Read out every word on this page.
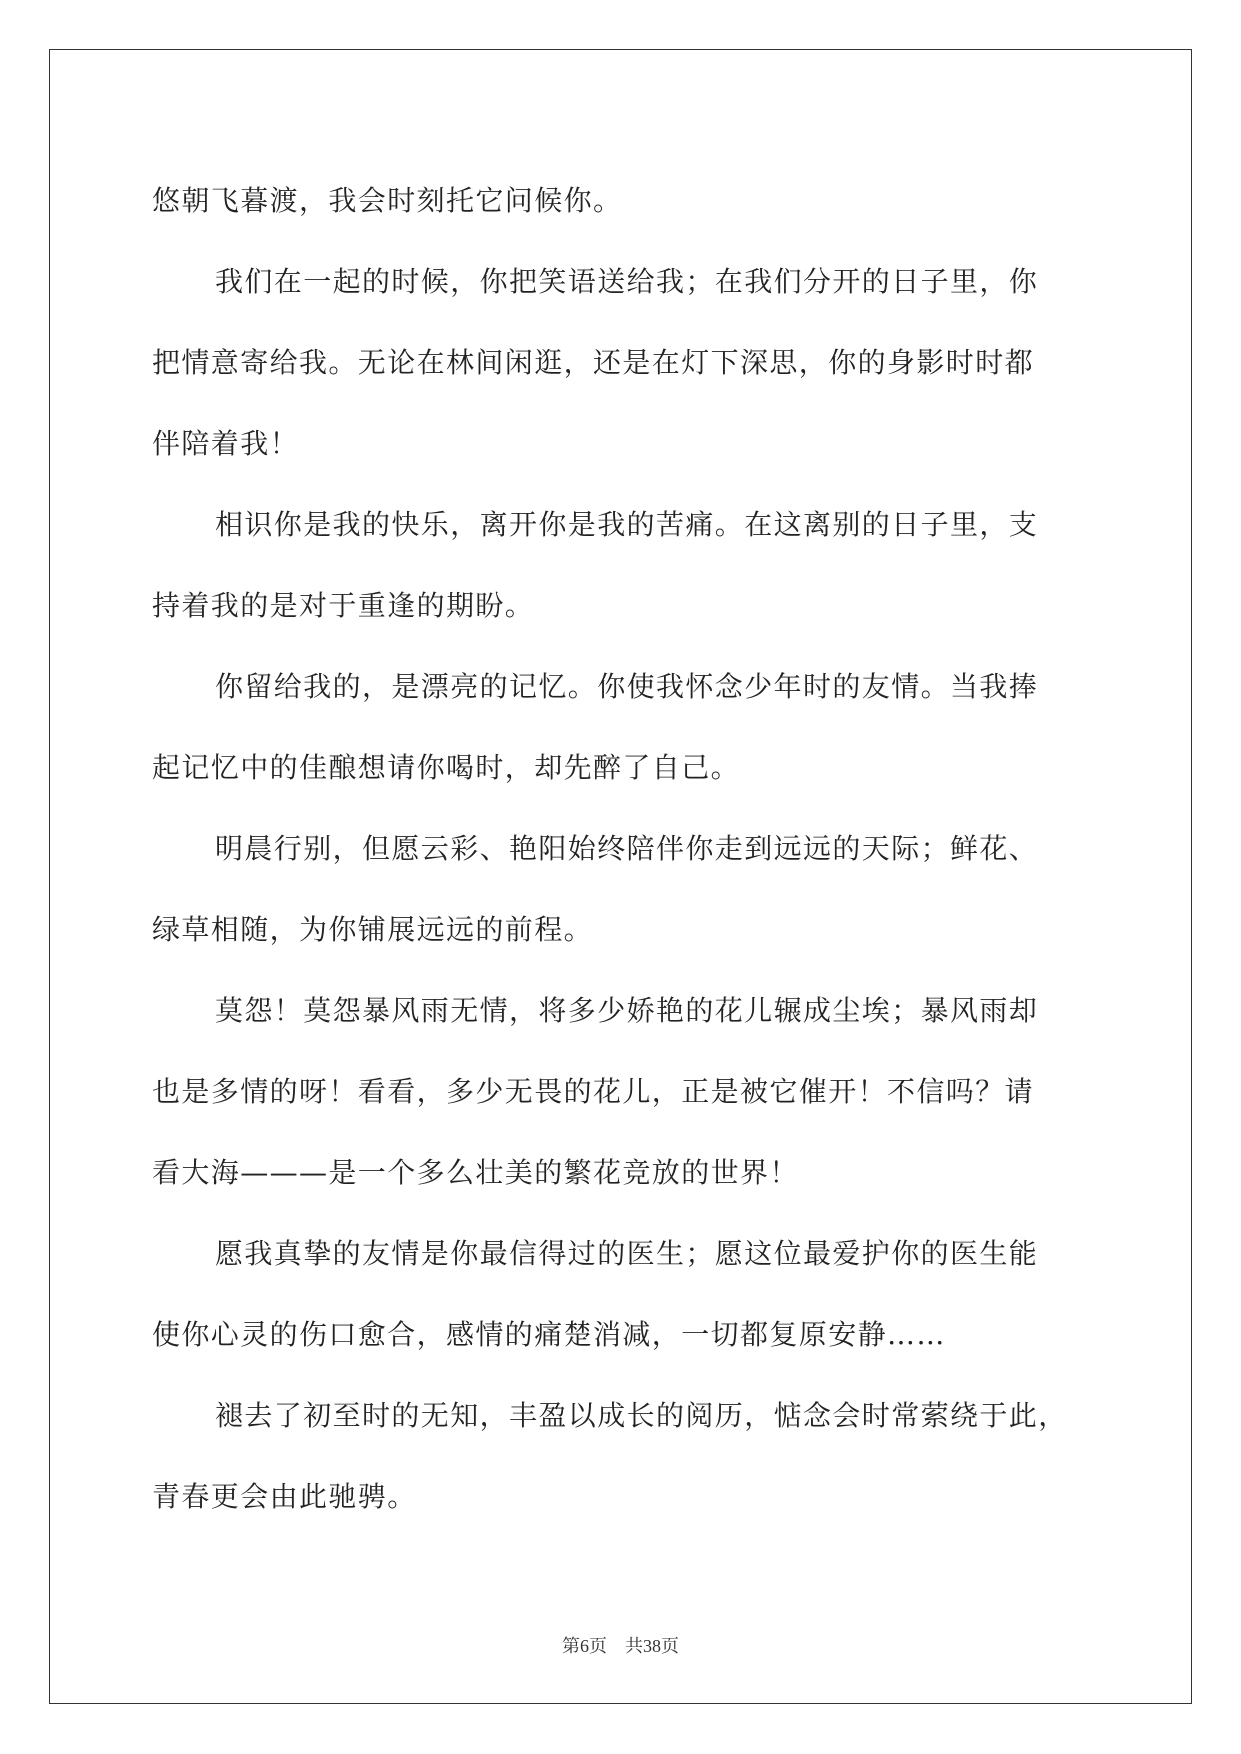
悠朝飞暮渡，我会时刻托它问候你。
我们在一起的时候，你把笑语送给我；在我们分开的日子里，你
把情意寄给我。无论在林间闲逛，还是在灯下深思，你的身影时时都
伴陪着我！
相识你是我的快乐，离开你是我的苦痛。在这离别的日子里，支
持着我的是对于重逢的期盼。
你留给我的，是漂亮的记忆。你使我怀念少年时的友情。当我捧
起记忆中的佳酿想请你喝时，却先醉了自己。
明晨行别，但愿云彩、艳阳始终陪伴你走到远远的天际；鲜花、
绿草相随，为你铺展远远的前程。
莫怨！莫怨暴风雨无情，将多少娇艳的花儿辗成尘埃；暴风雨却
也是多情的呀！看看，多少无畏的花儿，正是被它催开！不信吗？请
看大海———是一个多么壮美的繁花竞放的世界！
愿我真挚的友情是你最信得过的医生；愿这位最爱护你的医生能
使你心灵的伤口愈合，感情的痛楚消减，一切都复原安静……
褪去了初至时的无知，丰盈以成长的阅历，惦念会时常萦绕于此，
青春更会由此驰骋。
第6页 共38页
